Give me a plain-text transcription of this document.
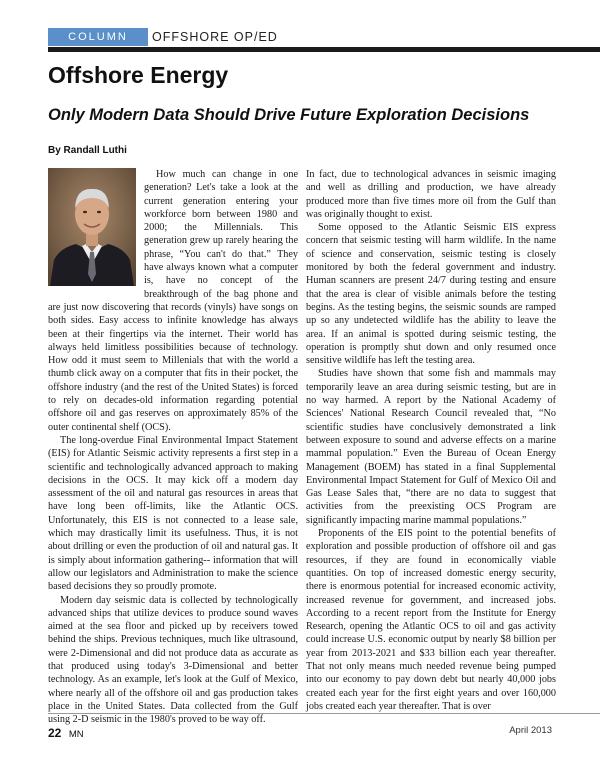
COLUMN	OFFSHORE OP/ED
Offshore Energy
Only Modern Data Should Drive Future Exploration Decisions

By Randall Luthi

How much can change in one generation? Let's take a look at the current generation entering your workforce born between 1980 and 2000; the Millennials. This generation grew up rarely hearing the phrase, “You can't do that.” They have always known what a computer is, have no concept of the breakthrough of the bag phone and are just now discovering that records (vinyls) have songs on both sides. Easy access to infinite knowledge has always been at their fingertips via the internet. Their world has always held limitless possibilities because of technology. How odd it must seem to Millenials that with the world a thumb click away on a computer that fits in their pocket, the offshore industry (and the rest of the United States) is forced to rely on decades-old information regarding potential offshore oil and gas reserves on approximately 85% of the outer continental shelf (OCS).

The long-overdue Final Environmental Impact Statement (EIS) for Atlantic Seismic activity represents a first step in a scientific and technologically advanced approach to making decisions in the OCS. It may kick off a modern day assessment of the oil and natural gas resources in areas that have long been off-limits, like the Atlantic OCS. Unfortunately, this EIS is not connected to a lease sale, which may drastically limit its usefulness. Thus, it is not about drilling or even the production of oil and natural gas. It is simply about information gathering-- information that will allow our legislators and Administration to make the science based decisions they so proudly promote.

Modern day seismic data is collected by technologically advanced ships that utilize devices to produce sound waves aimed at the sea floor and picked up by receivers towed behind the ships. Previous techniques, much like ultrasound, were 2-Dimensional and did not produce data as accurate as that produced using today's 3-Dimensional and better technology. As an example, let's look at the Gulf of Mexico, where nearly all of the offshore oil and gas production takes place in the United States. Data collected from the Gulf using 2-D seismic in the 1980's proved to be way off.

In fact, due to technological advances in seismic imaging and well as drilling and production, we have already produced more than five times more oil from the Gulf than was originally thought to exist.

Some opposed to the Atlantic Seismic EIS express concern that seismic testing will harm wildlife. In the name of science and conservation, seismic testing is closely monitored by both the federal government and industry. Human scanners are present 24/7 during testing and ensure that the area is clear of visible animals before the testing begins. As the testing begins, the seismic sounds are ramped up so any undetected wildlife has the ability to leave the area. If an animal is spotted during seismic testing, the operation is promptly shut down and only resumed once sensitive wildlife has left the testing area.

Studies have shown that some fish and mammals may temporarily leave an area during seismic testing, but are in no way harmed. A report by the National Academy of Sciences' National Research Council revealed that, “No scientific studies have conclusively demonstrated a link between exposure to sound and adverse effects on a marine mammal population.” Even the Bureau of Ocean Energy Management (BOEM) has stated in a final Supplemental Environmental Impact Statement for Gulf of Mexico Oil and Gas Lease Sales that, “there are no data to suggest that activities from the preexisting OCS Program are significantly impacting marine mammal populations.”

Proponents of the EIS point to the potential benefits of exploration and possible production of offshore oil and gas resources, if they are found in economically viable quantities. On top of increased domestic energy security, there is enormous potential for increased economic activity, increased revenue for government, and increased jobs. According to a recent report from the Institute for Energy Research, opening the Atlantic OCS to oil and gas activity could increase U.S. economic output by nearly $8 billion per year from 2013-2021 and $33 billion each year thereafter. That not only means much needed revenue being pumped into our economy to pay down debt but nearly 40,000 jobs created each year for the first eight years and over 160,000 jobs created each year thereafter. That is over

22 MN	April 2013
